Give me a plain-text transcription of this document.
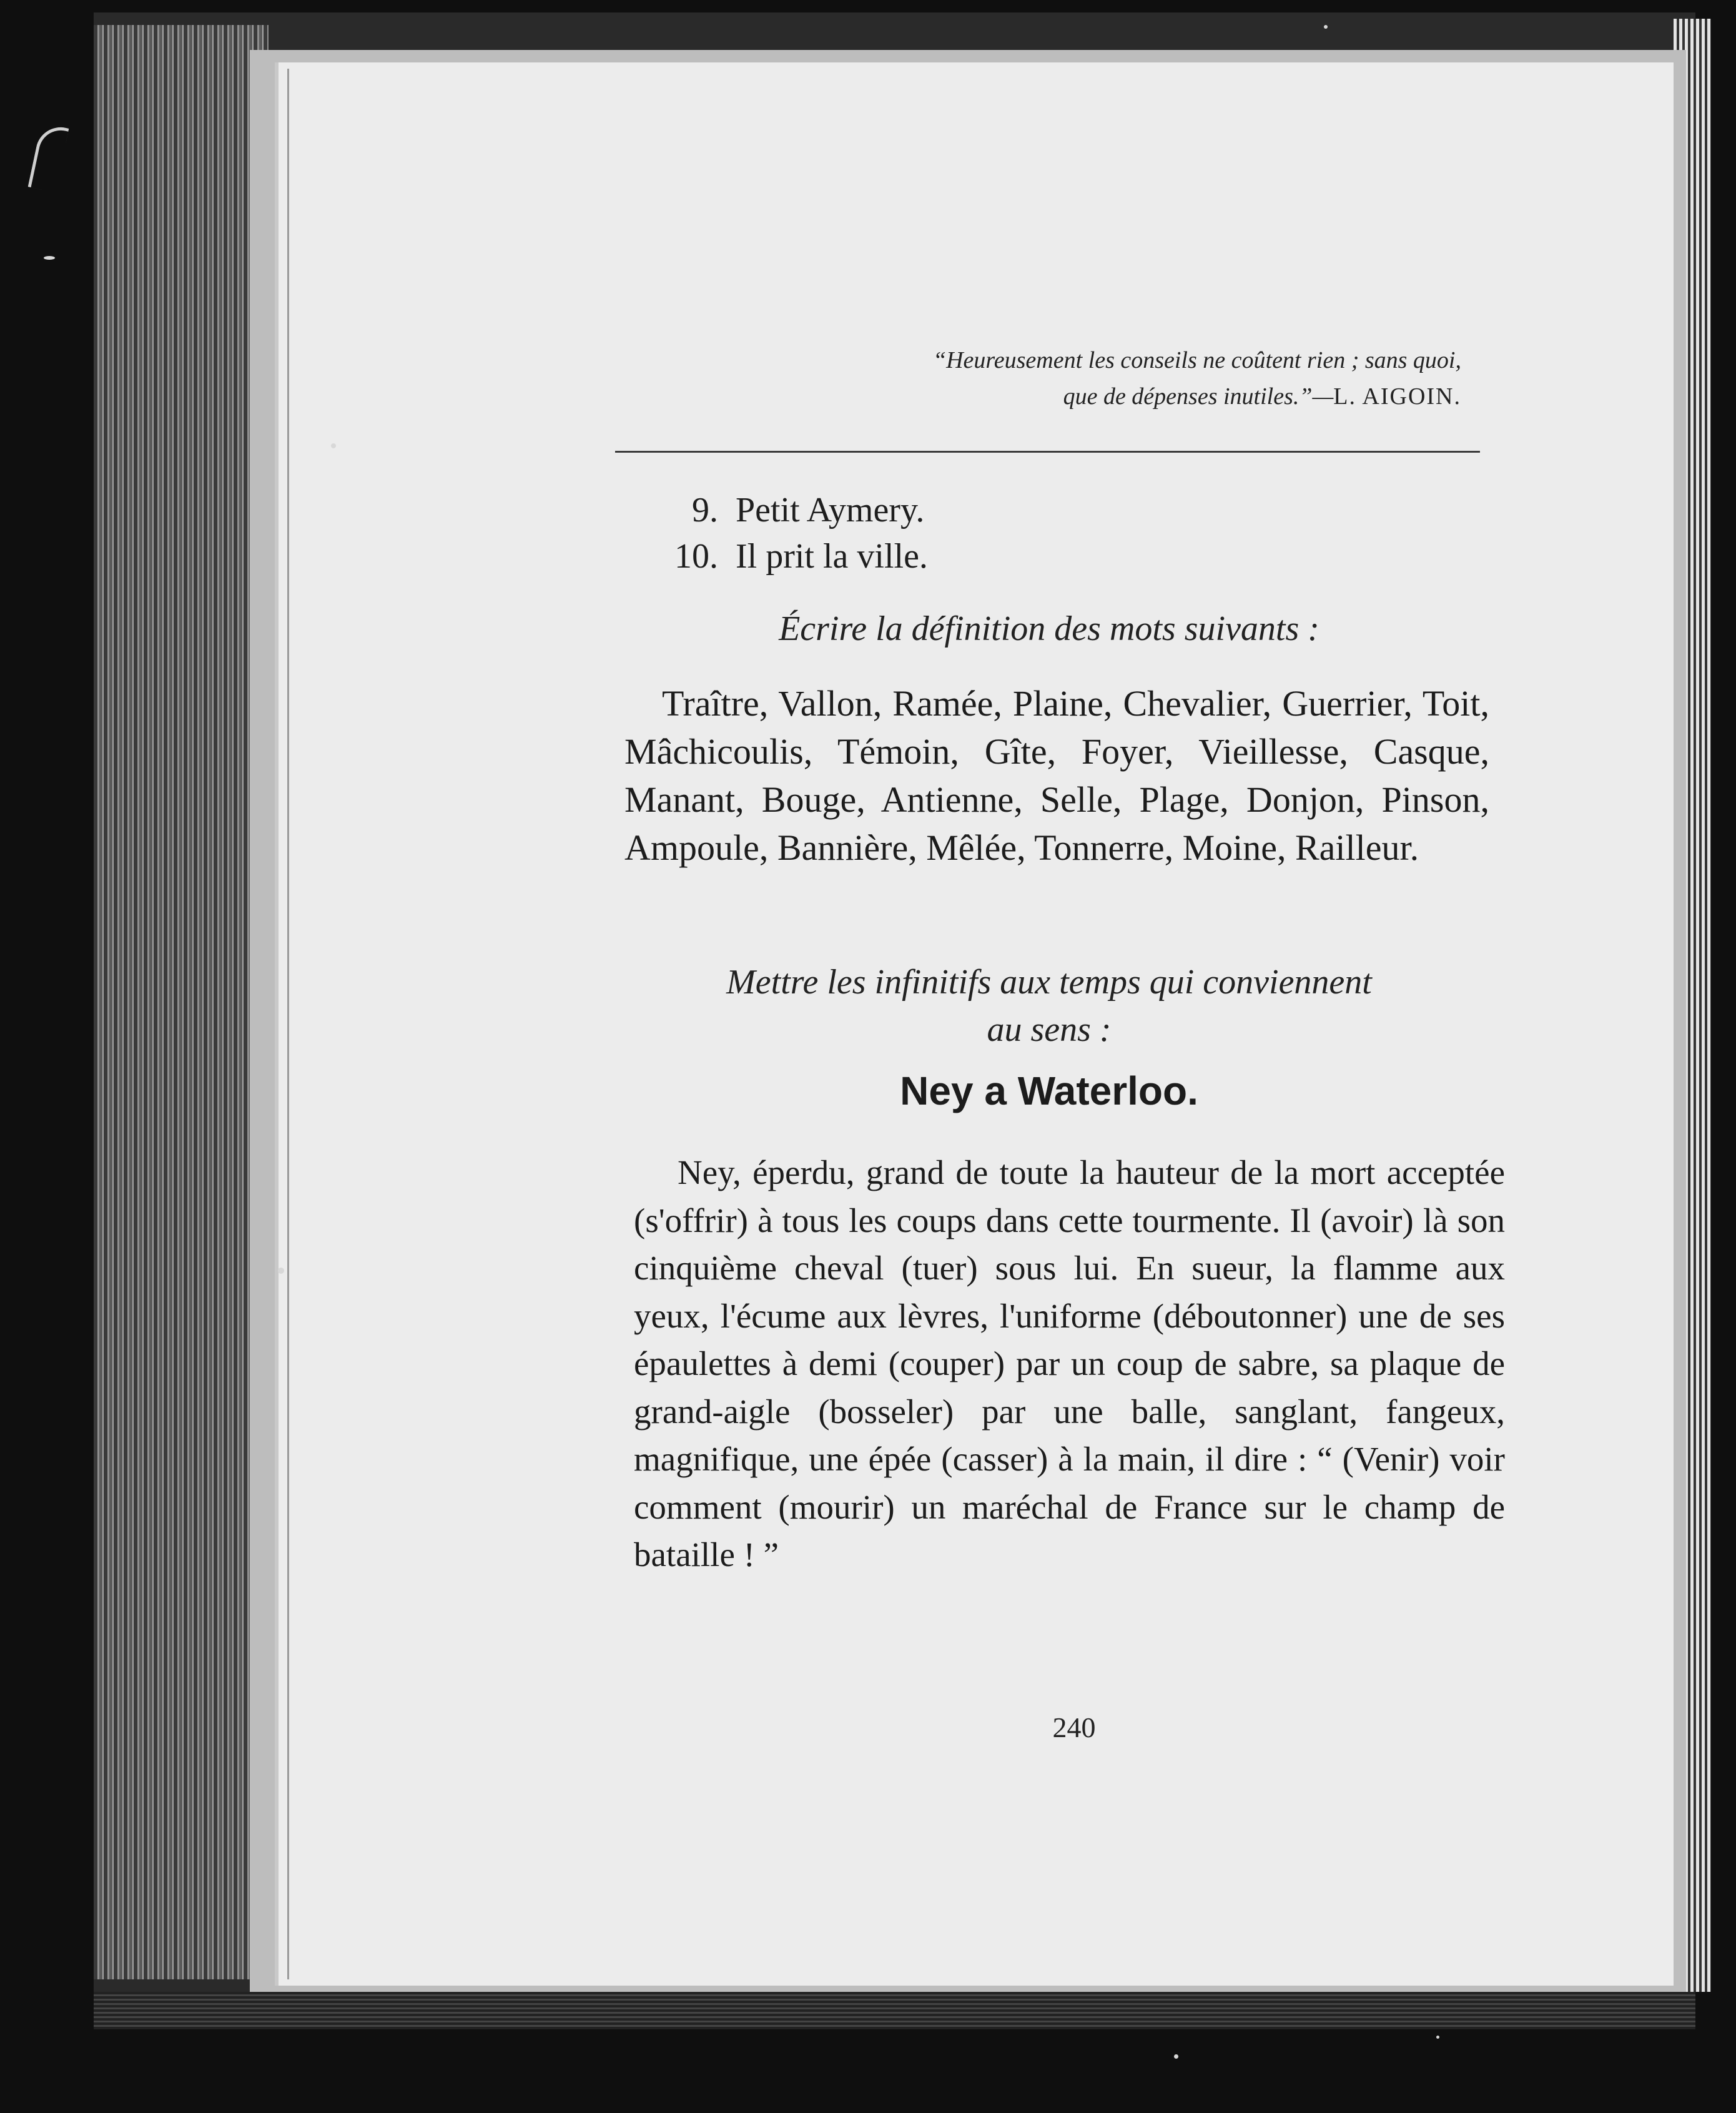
“Heureusement les conseils ne coûtent rien ; sans quoi,
que de dépenses inutiles.”—L. AIGOIN.
9. Petit Aymery.
10. Il prit la ville.
Écrire la définition des mots suivants :
Traître, Vallon, Ramée, Plaine, Chevalier, Guerrier, Toit, Mâchicoulis, Témoin, Gîte, Foyer, Vieillesse, Casque, Manant, Bouge, Antienne, Selle, Plage, Donjon, Pinson, Ampoule, Bannière, Mêlée, Tonnerre, Moine, Railleur.
Mettre les infinitifs aux temps qui conviennent
au sens :
Ney a Waterloo.
Ney, éperdu, grand de toute la hauteur de la mort acceptée (s'offrir) à tous les coups dans cette tourmente. Il (avoir) là son cinquième cheval (tuer) sous lui. En sueur, la flamme aux yeux, l'écume aux lèvres, l'uniforme (déboutonner) une de ses épaulettes à demi (couper) par un coup de sabre, sa plaque de grand-aigle (bosseler) par une balle, sanglant, fangeux, magnifique, une épée (casser) à la main, il dire : “ (Venir) voir comment (mourir) un maréchal de France sur le champ de bataille ! ”
240
